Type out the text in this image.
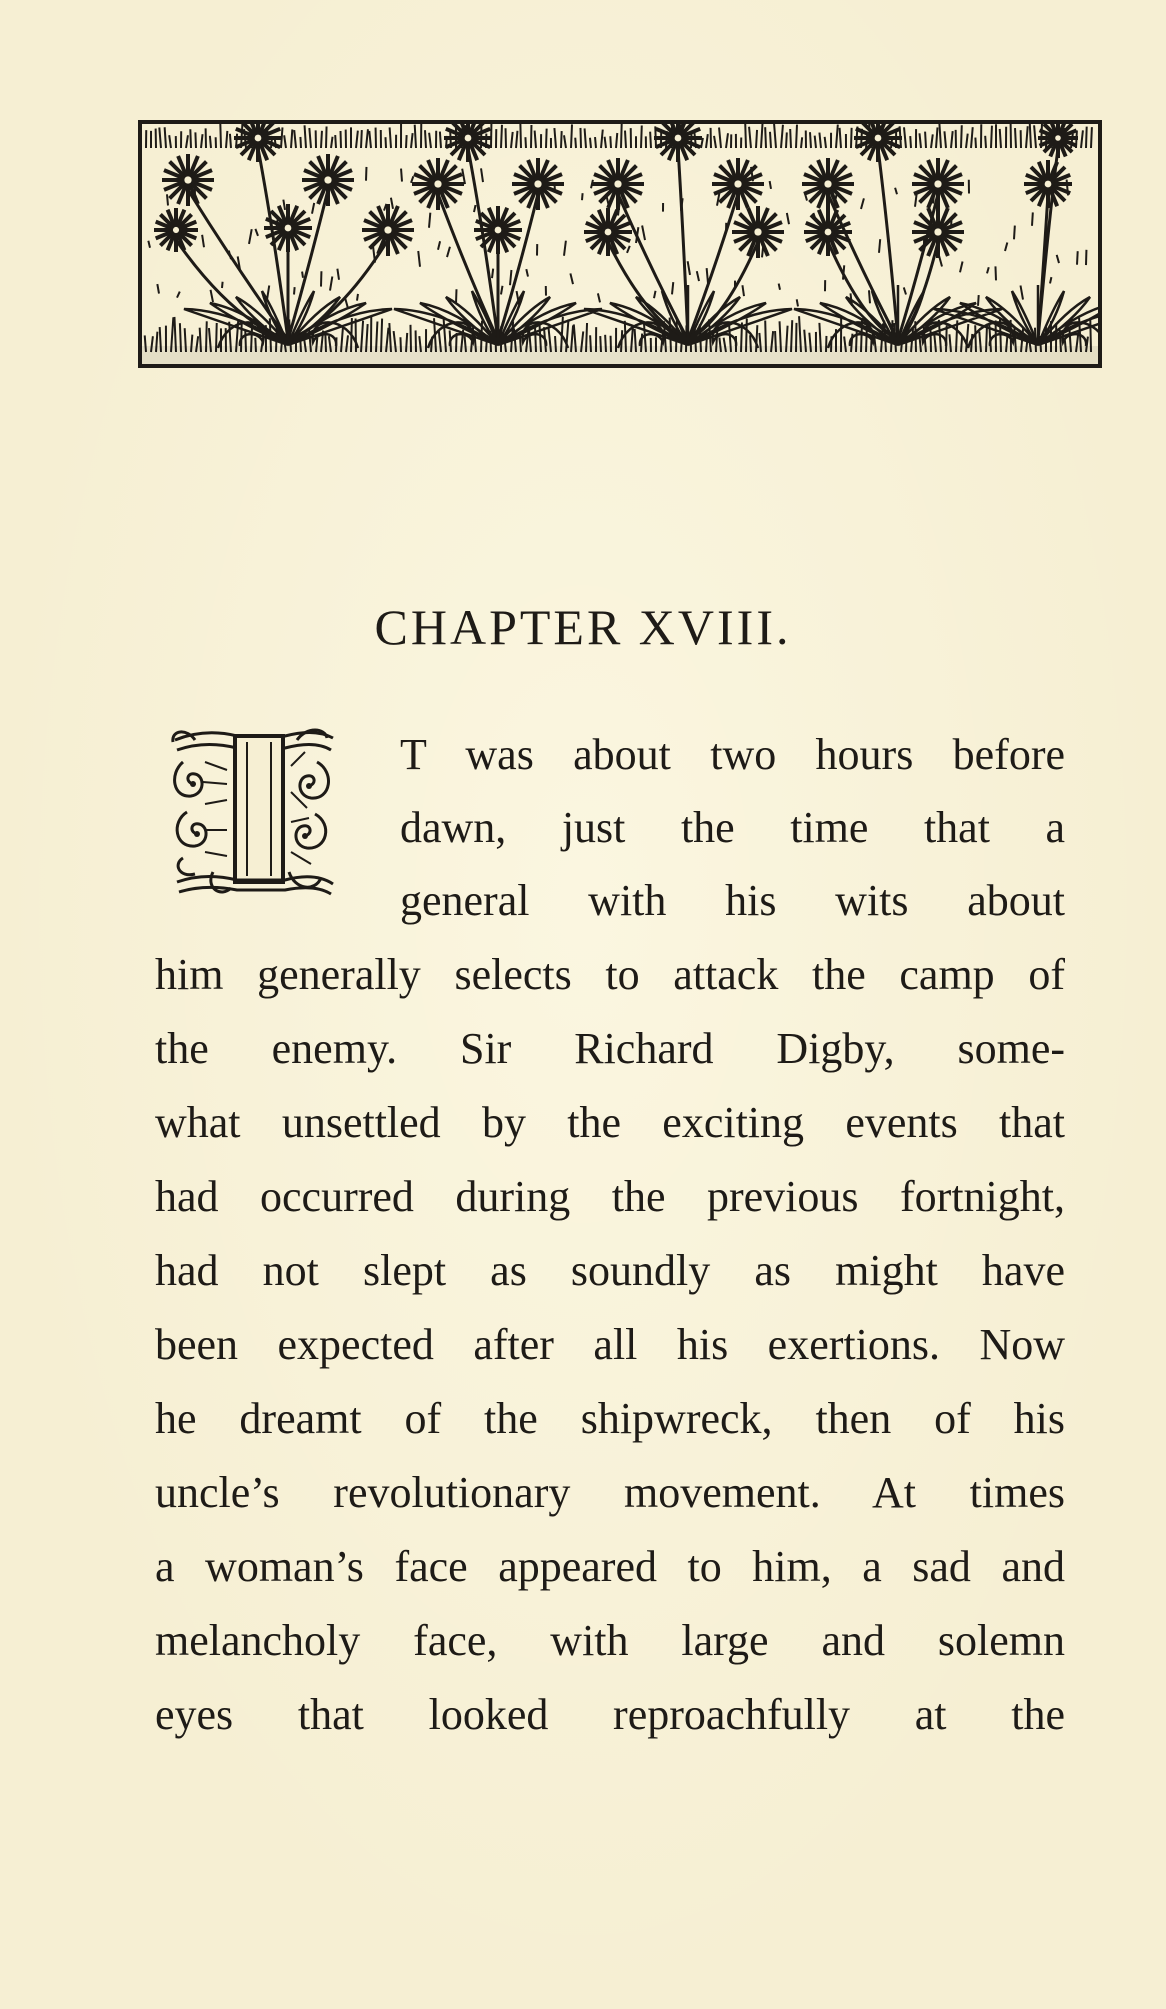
CHAPTER XVIII.
T was about two hours before
dawn, just the time that a
general with his wits about
him generally selects to attack the camp of
the enemy. Sir Richard Digby, some-
what unsettled by the exciting events that
had occurred during the previous fortnight,
had not slept as soundly as might have
been expected after all his exertions. Now
he dreamt of the shipwreck, then of his
uncle’s revolutionary movement. At times
a woman’s face appeared to him, a sad and
melancholy face, with large and solemn
eyes that looked reproachfully at the
